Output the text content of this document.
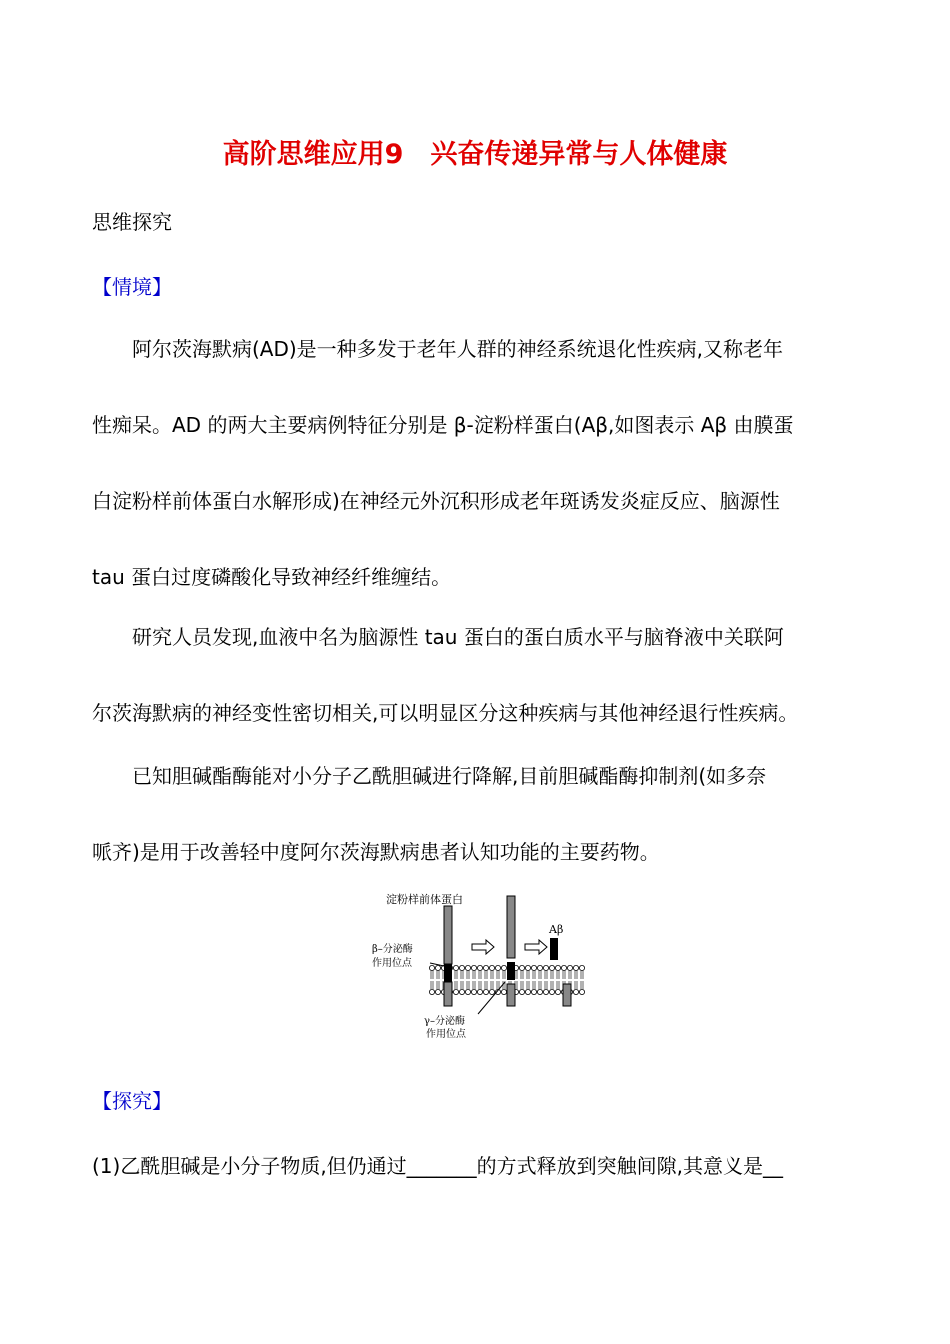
高阶思维应用9　兴奋传递异常与人体健康
思维探究
【情境】

阿尔茨海默病(AD)是一种多发于老年人群的神经系统退化性疾病,又称老年

性痴呆。AD 的两大主要病例特征分别是 β-淀粉样蛋白(Aβ,如图表示 Aβ 由膜蛋
白淀粉样前体蛋白水解形成)在神经元外沉积形成老年斑诱发炎症反应、脑源性
tau 蛋白过度磷酸化导致神经纤维缠结。

研究人员发现,血液中名为脑源性 tau 蛋白的蛋白质水平与脑脊液中关联阿

尔茨海默病的神经变性密切相关,可以明显区分这种疾病与其他神经退行性疾病。

已知胆碱酯酶能对小分子乙酰胆碱进行降解,目前胆碱酯酶抑制剂(如多奈

哌齐)是用于改善轻中度阿尔茨海默病患者认知功能的主要药物。
淀粉样前体蛋白
β–分泌酶
作用位点
γ–分泌酶
作用位点
Aβ
【探究】
(1)乙酰胆碱是小分子物质,但仍通过_______的方式释放到突触间隙,其意义是__
